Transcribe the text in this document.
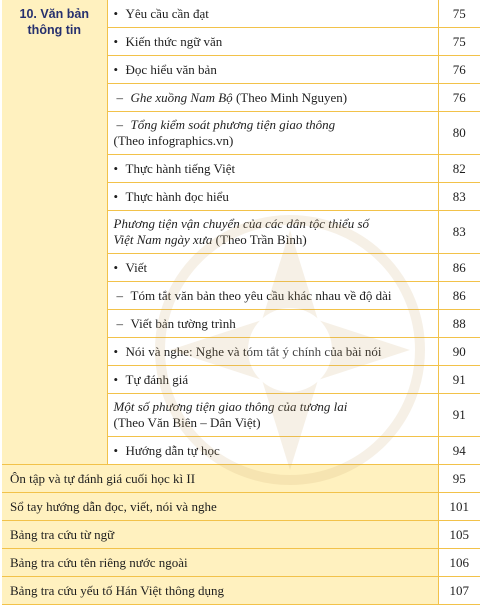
10. Văn bản
thông tin	• Yêu cầu cần đạt	75
	• Kiến thức ngữ văn	75
	• Đọc hiểu văn bản	76
	– Ghe xuồng Nam Bộ (Theo Minh Nguyen)	76
	– Tổng kiểm soát phương tiện giao thông
(Theo infographics.vn)	80
	• Thực hành tiếng Việt	82
	• Thực hành đọc hiểu	83
	Phương tiện vận chuyển của các dân tộc thiểu số
Việt Nam ngày xưa (Theo Trần Bình)	83
	• Viết	86
	– Tóm tắt văn bản theo yêu cầu khác nhau về độ dài	86
	– Viết bản tường trình	88
	• Nói và nghe: Nghe và tóm tắt ý chính của bài nói	90
	• Tự đánh giá	91
	Một số phương tiện giao thông của tương lai
(Theo Văn Biên – Dân Việt)	91
	• Hướng dẫn tự học	94
Ôn tập và tự đánh giá cuối học kì II		95
Sổ tay hướng dẫn đọc, viết, nói và nghe		101
Bảng tra cứu từ ngữ		105
Bảng tra cứu tên riêng nước ngoài		106
Bảng tra cứu yếu tố Hán Việt thông dụng		107
